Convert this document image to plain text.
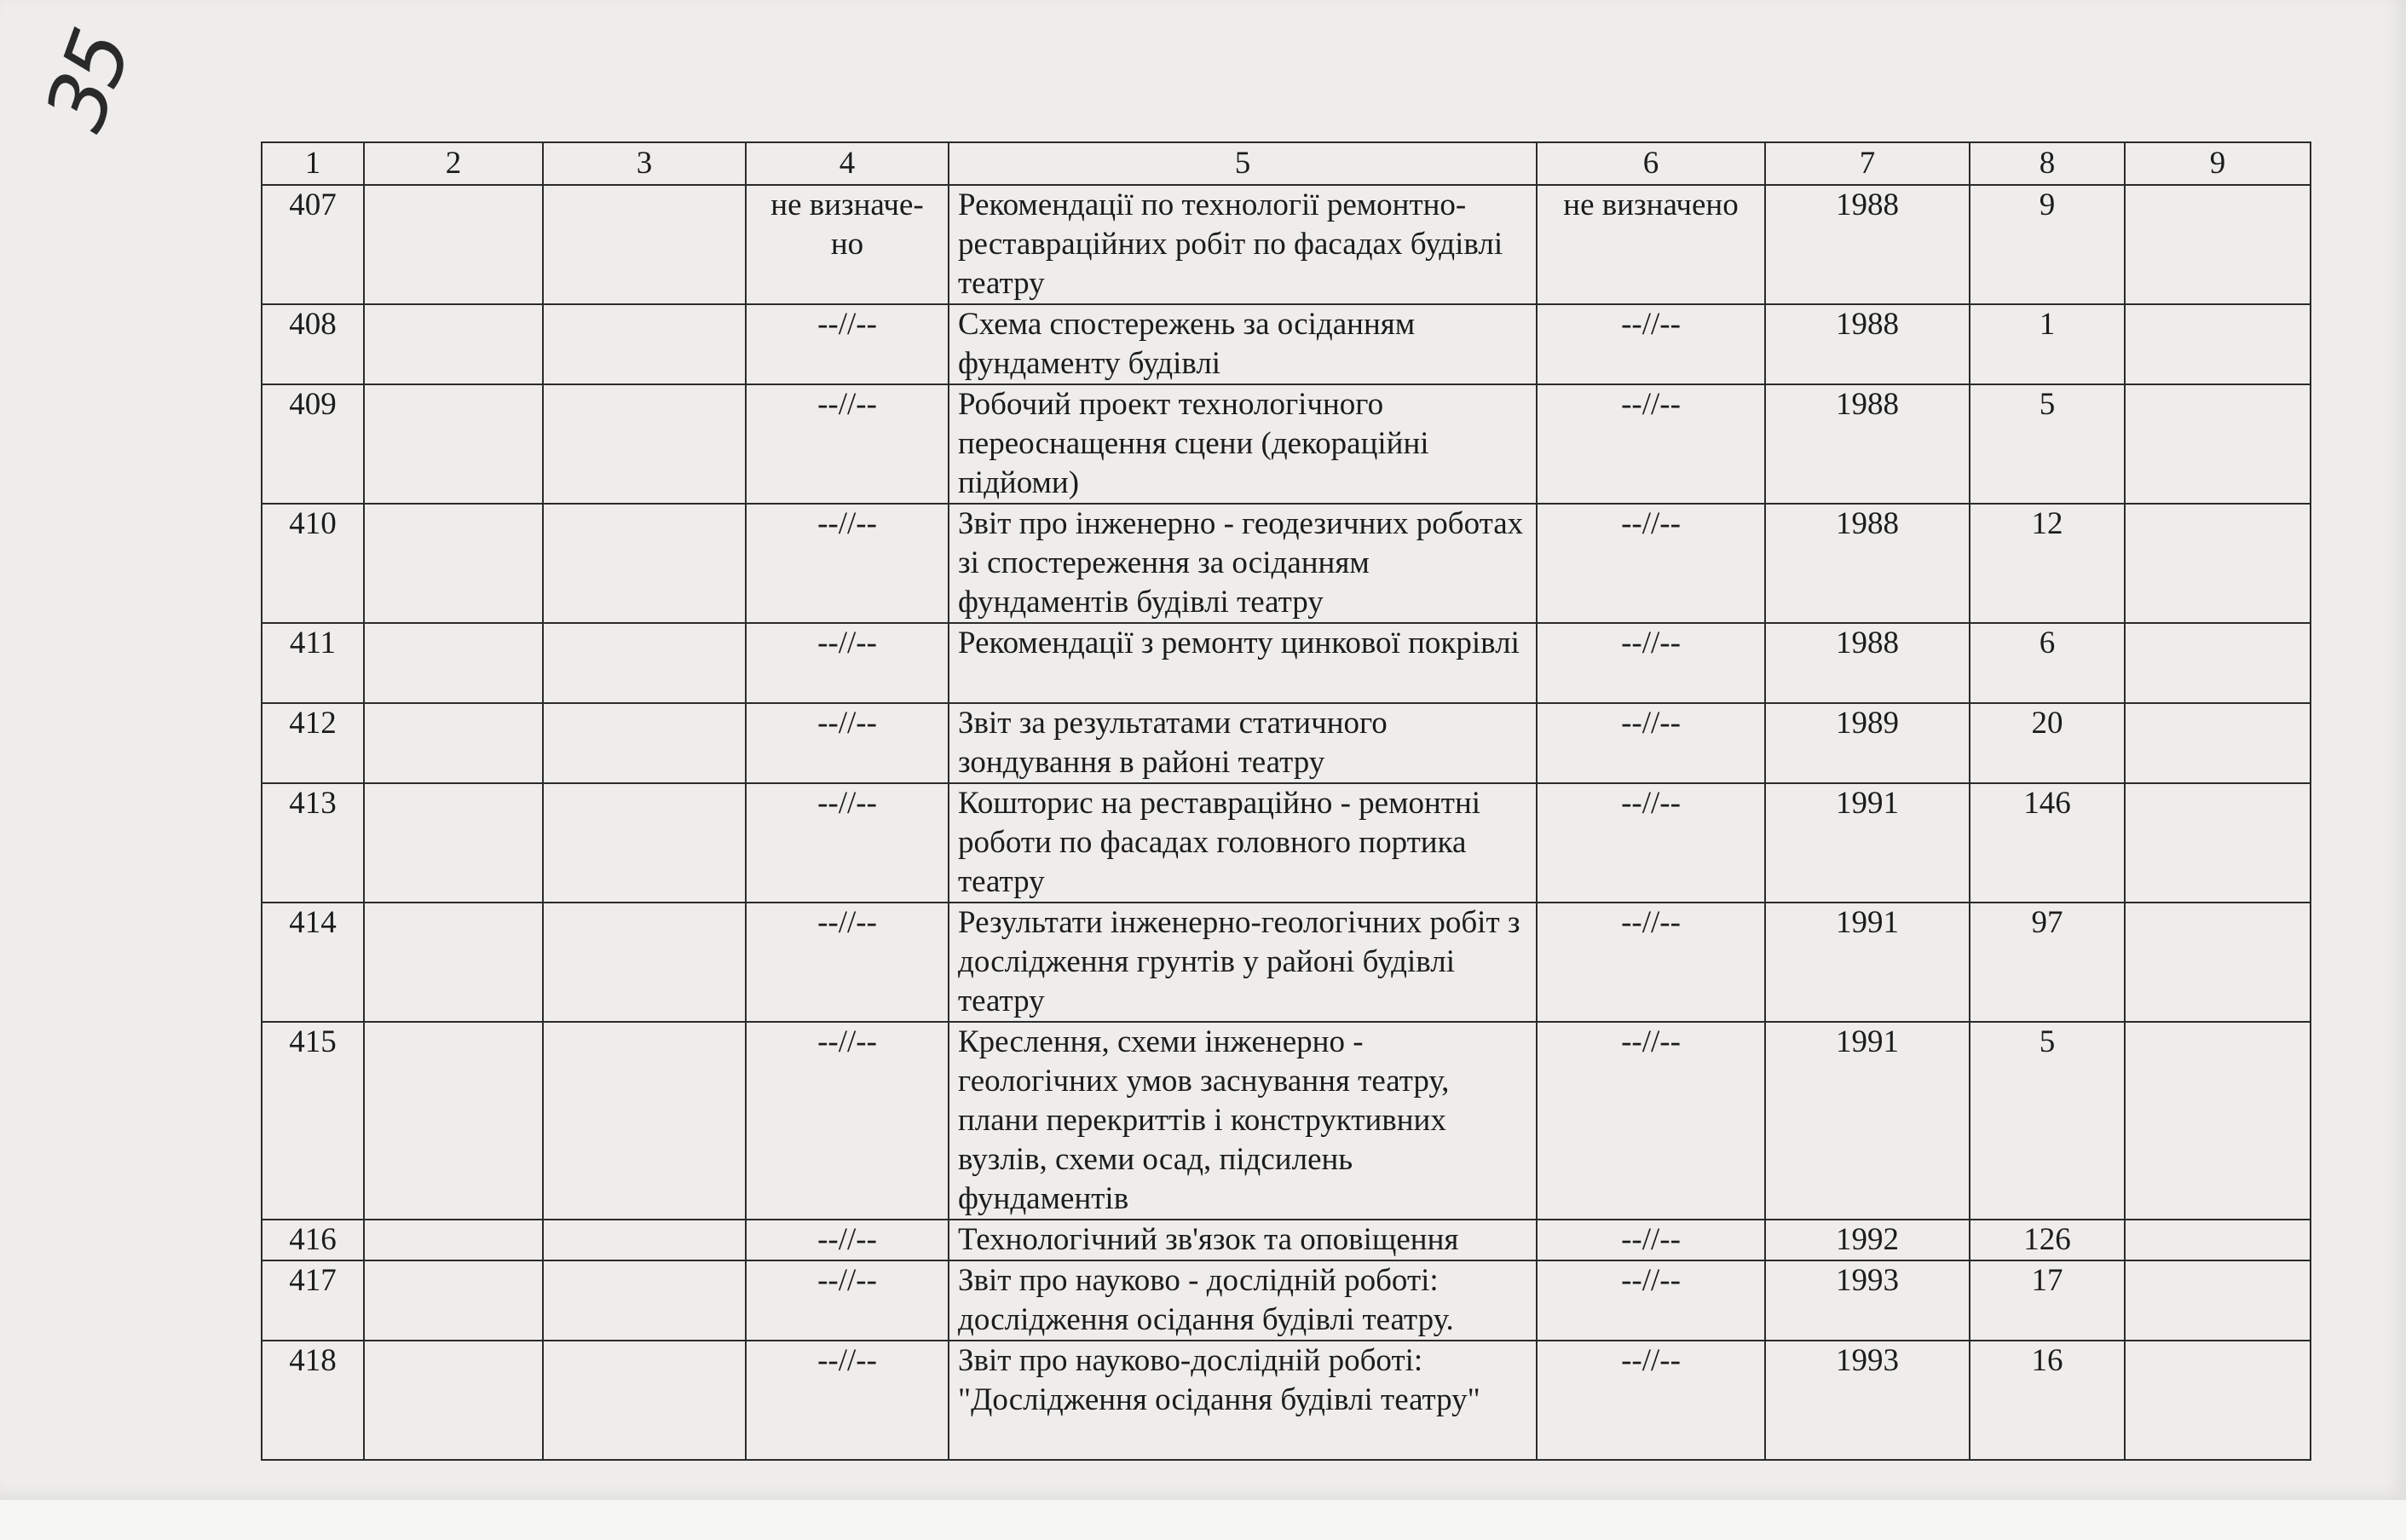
35
1	2	3	4	5	6	7	8	9
407			не визначе-но	Рекомендації по технології ремонтно-реставраційних робіт по фасадах будівлі театру	не визначено	1988	9	
408			--//--	Схема спостережень за осіданням фундаменту будівлі	--//--	1988	1	
409			--//--	Робочий проект технологічного переоснащення сцени (декораційні підйоми)	--//--	1988	5	
410			--//--	Звіт про інженерно - геодезичних роботах зі спостереження за осіданням фундаментів будівлі театру	--//--	1988	12	
411			--//--	Рекомендації з ремонту цинкової покрівлі	--//--	1988	6	
412			--//--	Звіт за результатами статичного зондування в районі театру	--//--	1989	20	
413			--//--	Кошторис на реставраційно - ремонтні роботи по фасадах головного портика театру	--//--	1991	146	
414			--//--	Результати інженерно-геологічних робіт з дослідження грунтів у районі будівлі театру	--//--	1991	97	
415			--//--	Креслення, схеми інженерно - геологічних умов заснування театру, плани перекриттів і конструктивних вузлів, схеми осад, підсилень фундаментів	--//--	1991	5	
416			--//--	Технологічний зв'язок та оповіщення	--//--	1992	126	
417			--//--	Звіт про науково - дослідній роботі: дослідження осідання будівлі театру.	--//--	1993	17	
418			--//--	Звіт про науково-дослідній роботі: "Дослідження осідання будівлі театру"	--//--	1993	16	
